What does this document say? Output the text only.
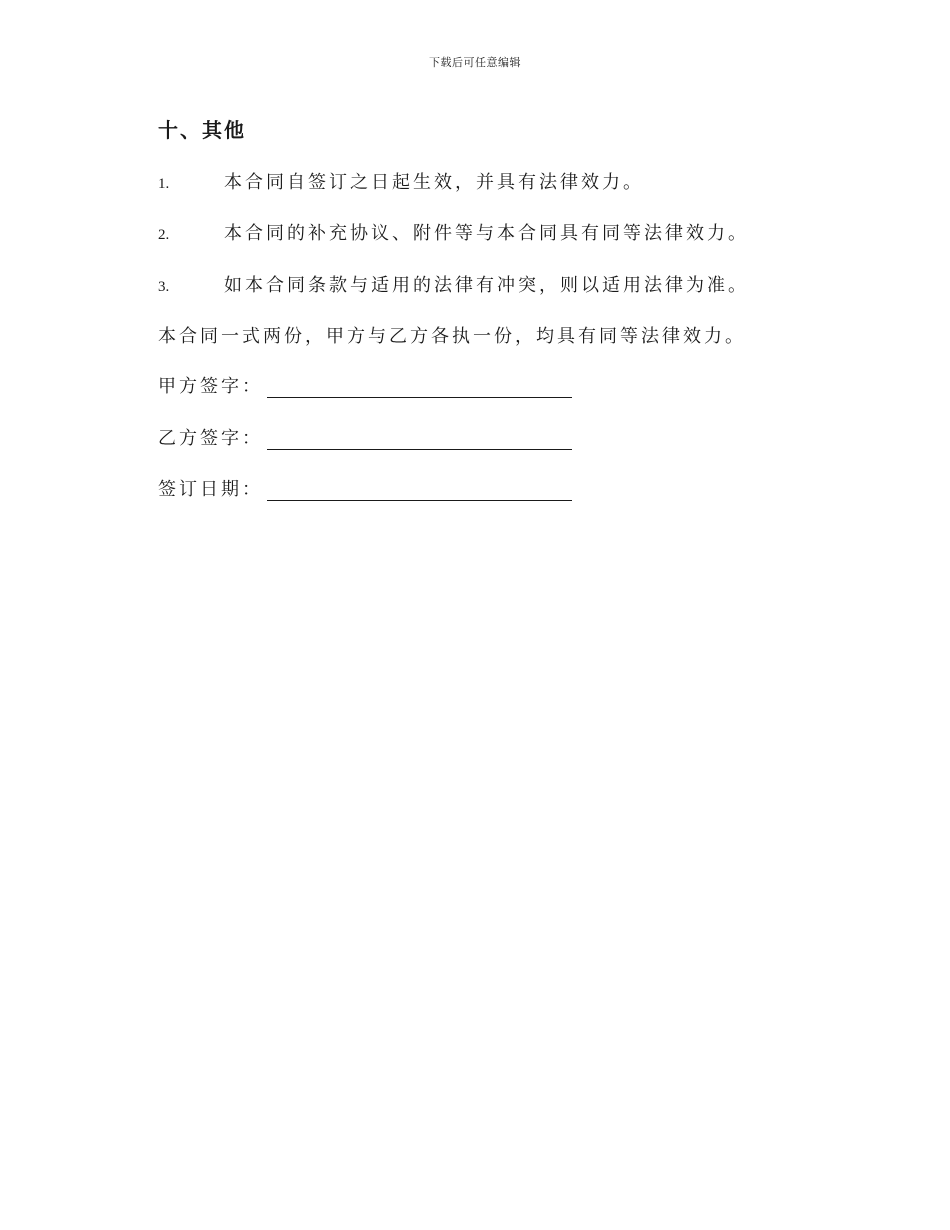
下载后可任意编辑
十、其他
1.	本合同自签订之日起生效，并具有法律效力。
2.	本合同的补充协议、附件等与本合同具有同等法律效力。
3.	如本合同条款与适用的法律有冲突，则以适用法律为准。
本合同一式两份，甲方与乙方各执一份，均具有同等法律效力。
甲方签字：
乙方签字：
签订日期：
